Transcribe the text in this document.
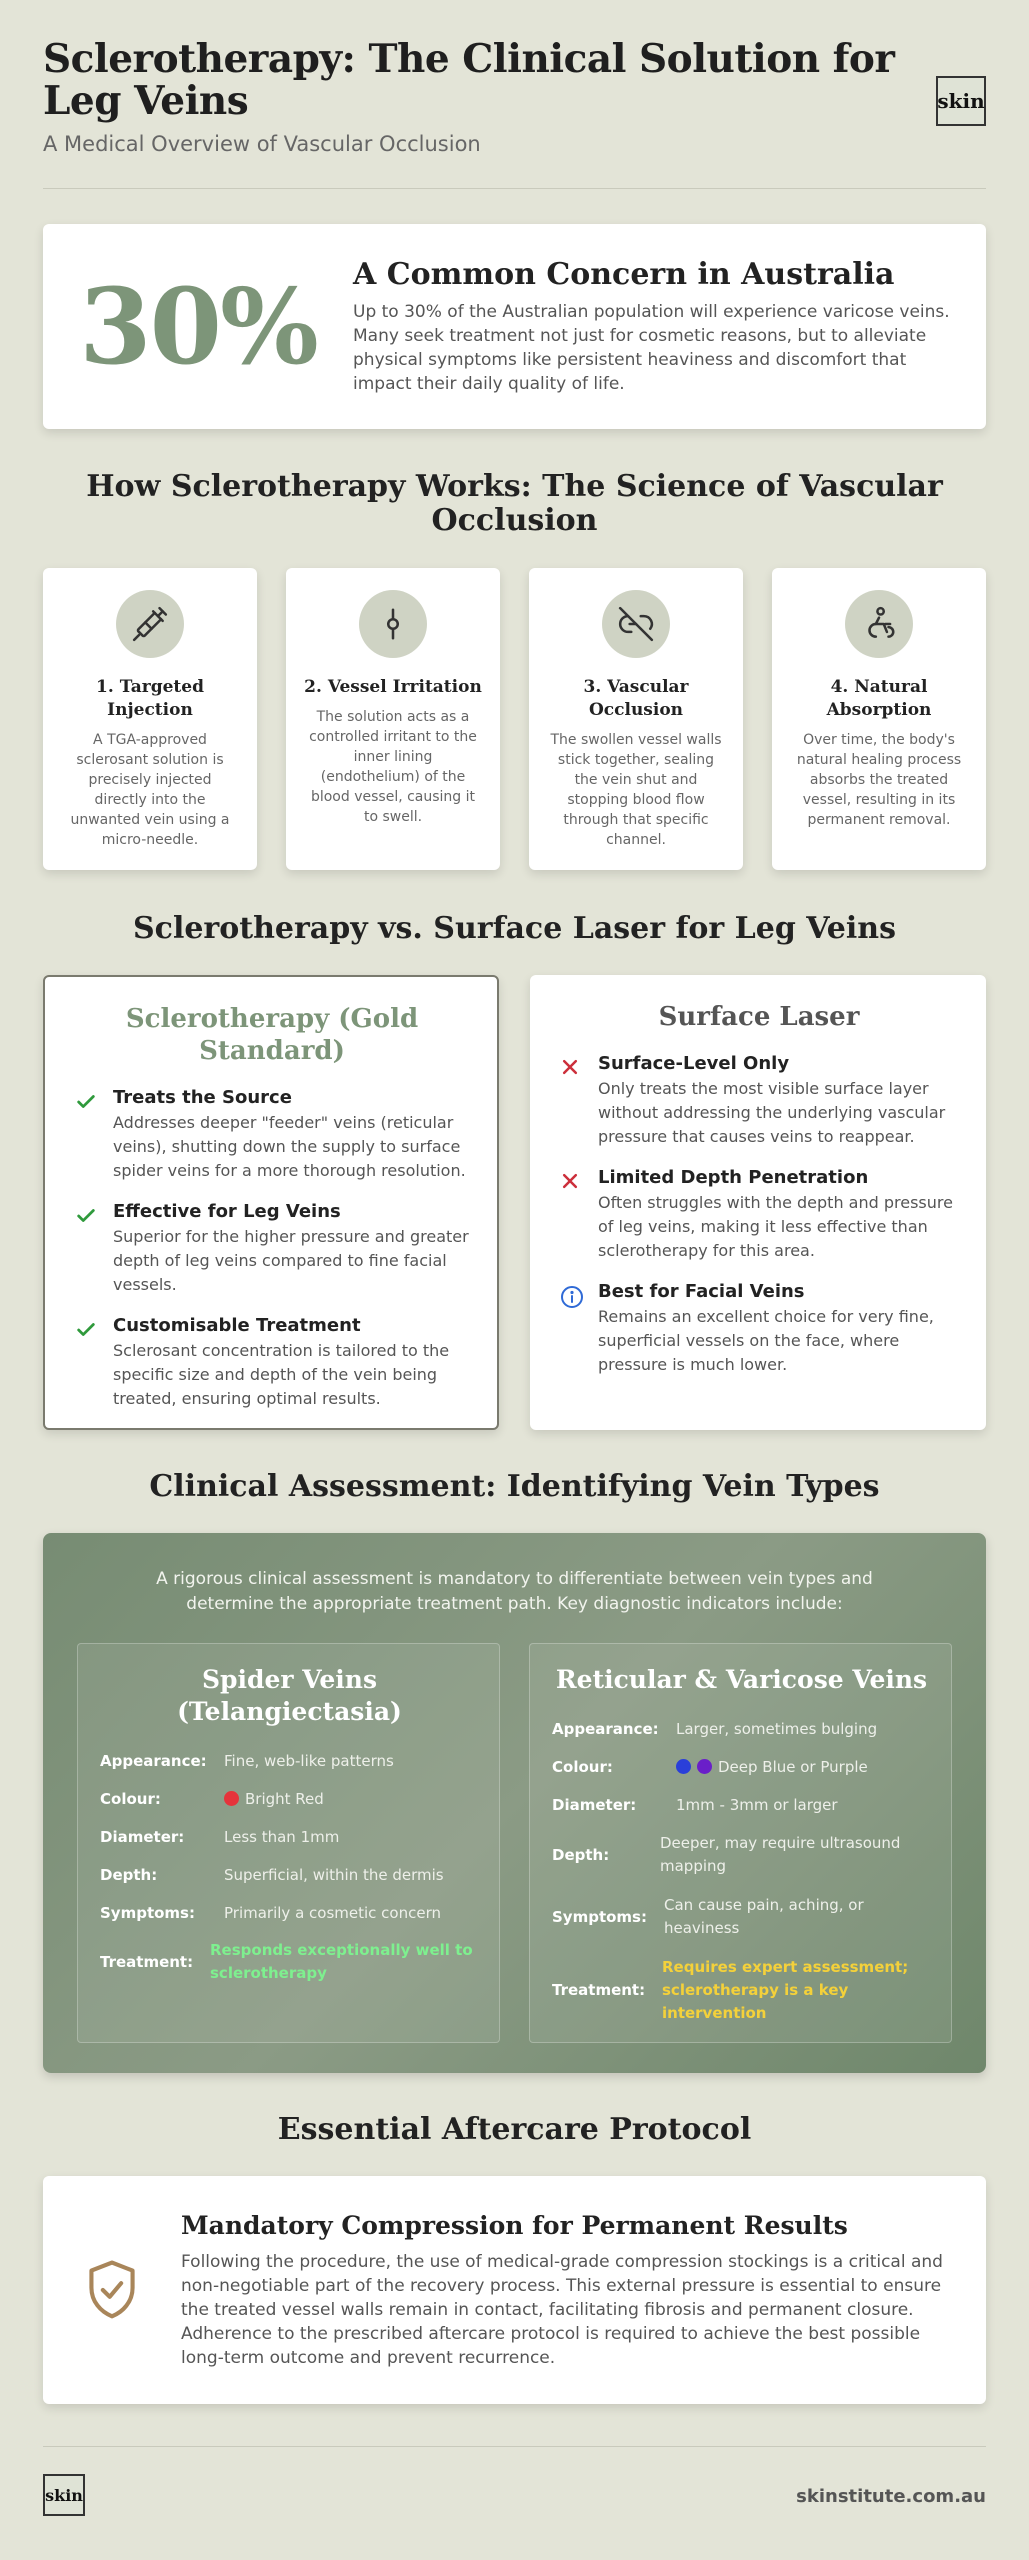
Sclerotherapy: The Clinical Solution for Leg Veins
A Medical Overview of Vascular Occlusion
skin
30%	A Common Concern in Australia
Up to 30% of the Australian population will experience varicose veins. Many seek treatment not just for cosmetic reasons, but to alleviate physical symptoms like persistent heaviness and discomfort that impact their daily quality of life.
How Sclerotherapy Works: The Science of Vascular Occlusion
1. Targeted Injection
A TGA-approved sclerosant solution is precisely injected directly into the unwanted vein using a micro-needle.
2. Vessel Irritation
The solution acts as a controlled irritant to the inner lining (endothelium) of the blood vessel, causing it to swell.
3. Vascular Occlusion
The swollen vessel walls stick together, sealing the vein shut and stopping blood flow through that specific channel.
4. Natural Absorption
Over time, the body's natural healing process absorbs the treated vessel, resulting in its permanent removal.
Sclerotherapy vs. Surface Laser for Leg Veins
Sclerotherapy (Gold Standard)
Treats the Source
Addresses deeper "feeder" veins (reticular veins), shutting down the supply to surface spider veins for a more thorough resolution.
Effective for Leg Veins
Superior for the higher pressure and greater depth of leg veins compared to fine facial vessels.
Customisable Treatment
Sclerosant concentration is tailored to the specific size and depth of the vein being treated, ensuring optimal results.
Surface Laser
Surface-Level Only
Only treats the most visible surface layer without addressing the underlying vascular pressure that causes veins to reappear.
Limited Depth Penetration
Often struggles with the depth and pressure of leg veins, making it less effective than sclerotherapy for this area.
Best for Facial Veins
Remains an excellent choice for very fine, superficial vessels on the face, where pressure is much lower.
Clinical Assessment: Identifying Vein Types
A rigorous clinical assessment is mandatory to differentiate between vein types and determine the appropriate treatment path. Key diagnostic indicators include:
Spider Veins (Telangiectasia)
Appearance:	Fine, web-like patterns
Colour:	Bright Red
Diameter:	Less than 1mm
Depth:	Superficial, within the dermis
Symptoms:	Primarily a cosmetic concern
Treatment:
Responds exceptionally well to sclerotherapy
Reticular & Varicose Veins
Appearance:	Larger, sometimes bulging
Colour:	Deep Blue or Purple
Diameter:	1mm - 3mm or larger
Depth:
Deeper, may require ultrasound mapping
Symptoms:
Can cause pain, aching, or heaviness
Treatment:
Requires expert assessment; sclerotherapy is a key intervention
Essential Aftercare Protocol
Mandatory Compression for Permanent Results
Following the procedure, the use of medical-grade compression stockings is a critical and non-negotiable part of the recovery process. This external pressure is essential to ensure the treated vessel walls remain in contact, facilitating fibrosis and permanent closure. Adherence to the prescribed aftercare protocol is required to achieve the best possible long-term outcome and prevent recurrence.
skin	skinstitute.com.au
